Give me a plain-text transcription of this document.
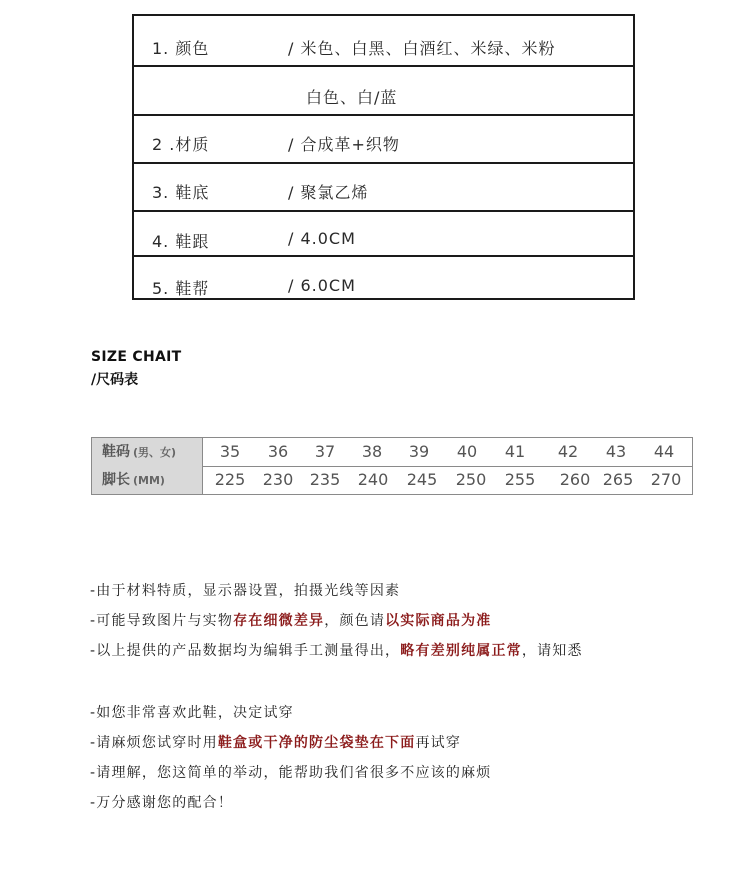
1. 颜色	/ 米色、白黑、白酒红、米绿、米粉
白色、白/蓝
2 .材质	/ 合成革+织物
3. 鞋底	/ 聚氯乙烯
4. 鞋跟	/ 4.0CM
5. 鞋帮	/ 6.0CM
SIZE CHAIT
/尺码表
鞋码 (男、女)	35 36 37 38 39 40 41 42 43 44
脚长 (MM)	225 230 235 240 245 250 255 260 265 270
-由于材料特质，显示器设置，拍摄光线等因素
-可能导致图片与实物存在细微差异，颜色请以实际商品为准
-以上提供的产品数据均为编辑手工测量得出，略有差别纯属正常，请知悉
-如您非常喜欢此鞋，决定试穿
-请麻烦您试穿时用鞋盒或干净的防尘袋垫在下面再试穿
-请理解，您这简单的举动，能帮助我们省很多不应该的麻烦
-万分感谢您的配合！
